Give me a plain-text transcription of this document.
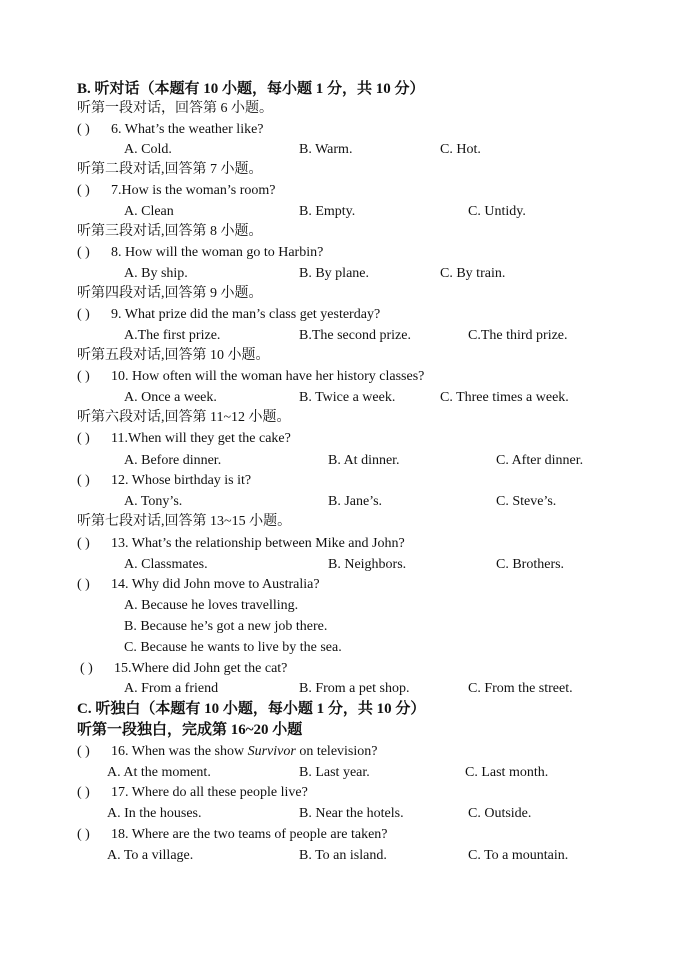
B. 听对话（本题有 10 小题，每小题 1 分，共 10 分）
听第一段对话，回答第 6 小题。
( ) 6. What’s the weather like?
A. Cold.	B. Warm.	C. Hot.
听第二段对话,回答第 7 小题。
( ) 7.How is the woman’s room?
A. Clean	B. Empty.	C. Untidy.
听第三段对话,回答第 8 小题。
( ) 8. How will the woman go to Harbin?
A. By ship.	B. By plane.	C. By train.
听第四段对话,回答第 9 小题。
( ) 9. What prize did the man’s class get yesterday?
A.The first prize.	B.The second prize.	C.The third prize.
听第五段对话,回答第 10 小题。
( ) 10. How often will the woman have her history classes?
A. Once a week.	B. Twice a week.	C. Three times a week.
听第六段对话,回答第 11~12 小题。
( ) 11.When will they get the cake?
A. Before dinner.	B. At dinner.	C. After dinner.
( ) 12. Whose birthday is it?
A. Tony’s.	B. Jane’s.	C. Steve’s.
听第七段对话,回答第 13~15 小题。
( ) 13. What’s the relationship between Mike and John?
A. Classmates.	B. Neighbors.	C. Brothers.
( ) 14. Why did John move to Australia?
A. Because he loves travelling.
B. Because he’s got a new job there.
C. Because he wants to live by the sea.
( ) 15.Where did John get the cat?
A. From a friend	B. From a pet shop.	C. From the street.
C. 听独白（本题有 10 小题，每小题 1 分，共 10 分）
听第一段独白，完成第 16~20 小题
( ) 16. When was the show Survivor on television?
A. At the moment.	B. Last year.	C. Last month.
( ) 17. Where do all these people live?
A. In the houses.	B. Near the hotels.	C. Outside.
( ) 18. Where are the two teams of people are taken?
A. To a village.	B. To an island.	C. To a mountain.
